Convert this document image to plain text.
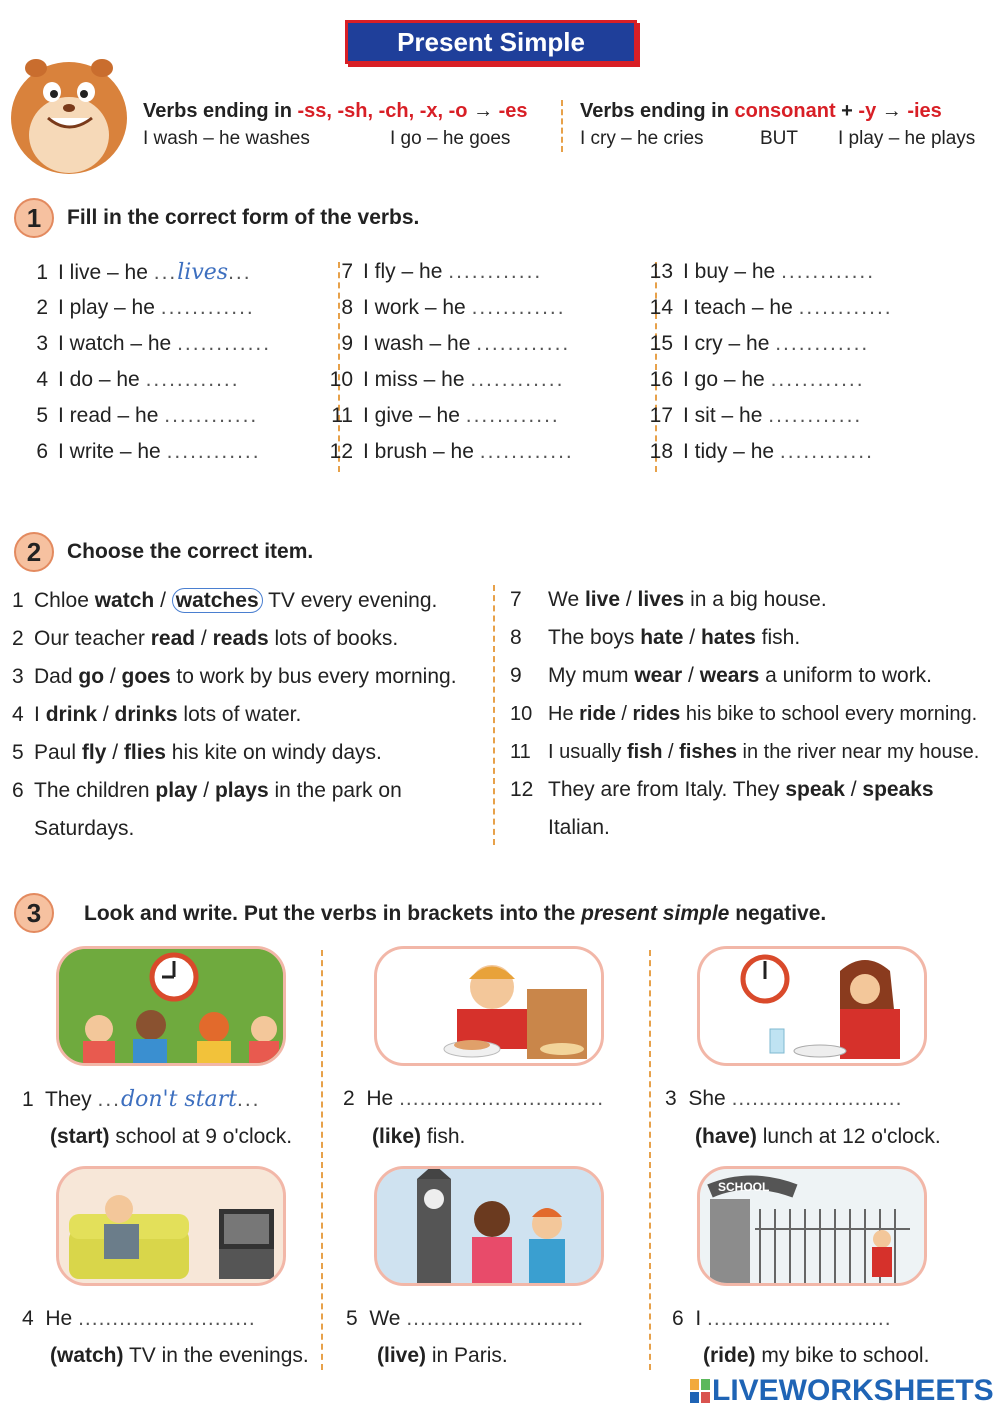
Present Simple
Verbs ending in -ss, -sh, -ch, -x, -o → -es
I wash – he washes	I go – he goes
Verbs ending in consonant + -y → -ies
I cry – he cries	BUT I play – he plays
1	Fill in the correct form of the verbs.
1 I live – he ...lives...
2 I play – he ............
3 I watch – he ............
4 I do – he ............
5 I read – he ............
6 I write – he ............
7 I fly – he ............
8 I work – he ............
9 I wash – he ............
10 I miss – he ............
11 I give – he ............
12 I brush – he ............
13 I buy – he ............
14 I teach – he ............
15 I cry – he ............
16 I go – he ............
17 I sit – he ............
18 I tidy – he ............
2	Choose the correct item.
1 Chloe watch / watches TV every evening.
2 Our teacher read / reads lots of books.
3 Dad go / goes to work by bus every morning.
4 I drink / drinks lots of water.
5 Paul fly / flies his kite on windy days.
6 The children play / plays in the park on
Saturdays.
7 We live / lives in a big house.
8 The boys hate / hates fish.
9 My mum wear / wears a uniform to work.
10 He ride / rides his bike to school every morning.
11 I usually fish / fishes in the river near my house.
12 They are from Italy. They speak / speaks
Italian.
3	Look and write. Put the verbs in brackets into the present simple negative.
1 They ...don't start...
(start) school at 9 o'clock.
2 He ..............................
(like) fish.
3 She .........................
(have) lunch at 12 o'clock.
SCHOOL
4 He ..........................
(watch) TV in the evenings.
5 We ..........................
(live) in Paris.
6 I ...........................
(ride) my bike to school.
LIVEWORKSHEETS
